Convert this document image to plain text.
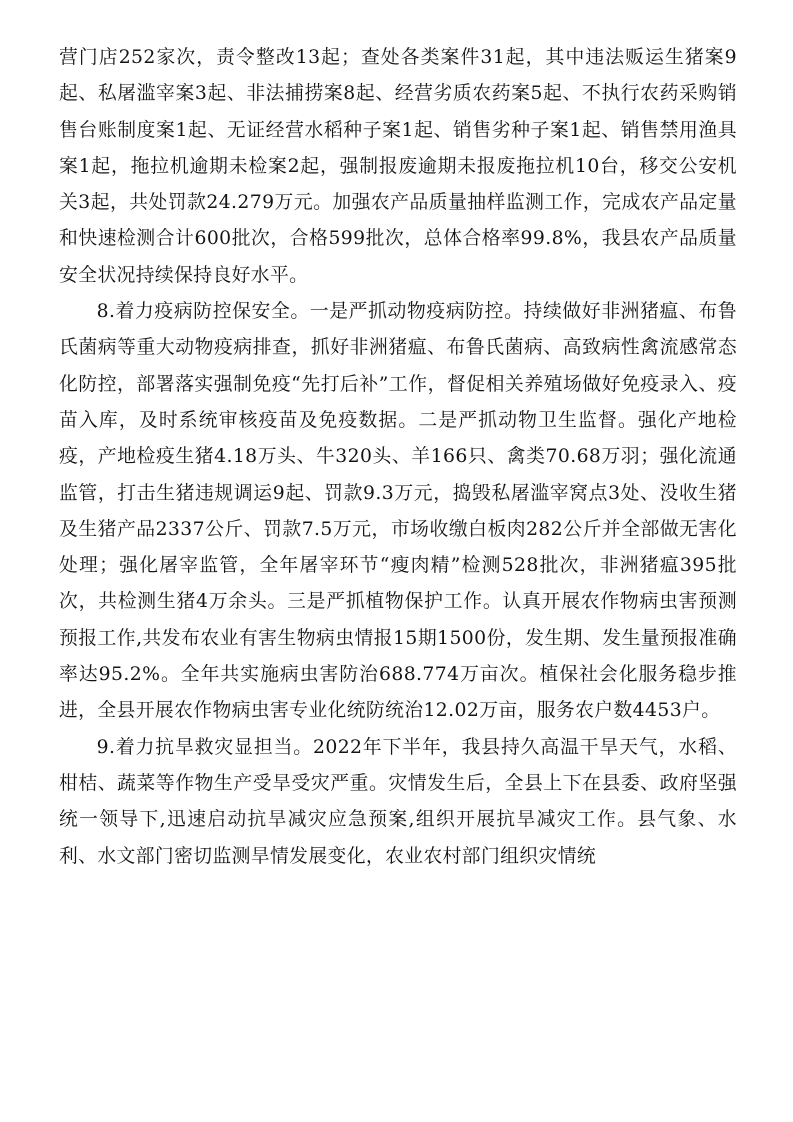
营门店252家次，责令整改13起；查处各类案件31起，其中违法贩运生猪案9起、私屠滥宰案3起、非法捕捞案8起、经营劣质农药案5起、不执行农药采购销售台账制度案1起、无证经营水稻种子案1起、销售劣种子案1起、销售禁用渔具案1起，拖拉机逾期未检案2起，强制报废逾期未报废拖拉机10台，移交公安机关3起，共处罚款24.279万元。加强农产品质量抽样监测工作，完成农产品定量和快速检测合计600批次，合格599批次，总体合格率99.8%，我县农产品质量安全状况持续保持良好水平。

8.着力疫病防控保安全。一是严抓动物疫病防控。持续做好非洲猪瘟、布鲁氏菌病等重大动物疫病排查，抓好非洲猪瘟、布鲁氏菌病、高致病性禽流感常态化防控，部署落实强制免疫“先打后补”工作，督促相关养殖场做好免疫录入、疫苗入库，及时系统审核疫苗及免疫数据。二是严抓动物卫生监督。强化产地检疫，产地检疫生猪4.18万头、牛320头、羊166只、禽类70.68万羽；强化流通监管，打击生猪违规调运9起、罚款9.3万元，捣毁私屠滥宰窝点3处、没收生猪及生猪产品2337公斤、罚款7.5万元，市场收缴白板肉282公斤并全部做无害化处理；强化屠宰监管，全年屠宰环节“瘦肉精”检测528批次，非洲猪瘟395批次，共检测生猪4万余头。三是严抓植物保护工作。认真开展农作物病虫害预测预报工作,共发布农业有害生物病虫情报15期1500份，发生期、发生量预报准确率达95.2%。全年共实施病虫害防治688.774万亩次。植保社会化服务稳步推进，全县开展农作物病虫害专业化统防统治12.02万亩，服务农户数4453户。

9.着力抗旱救灾显担当。2022年下半年，我县持久高温干旱天气，水稻、柑桔、蔬菜等作物生产受旱受灾严重。灾情发生后，全县上下在县委、政府坚强统一领导下,迅速启动抗旱减灾应急预案,组织开展抗旱减灾工作。县气象、水利、水文部门密切监测旱情发展变化，农业农村部门组织灾情统
